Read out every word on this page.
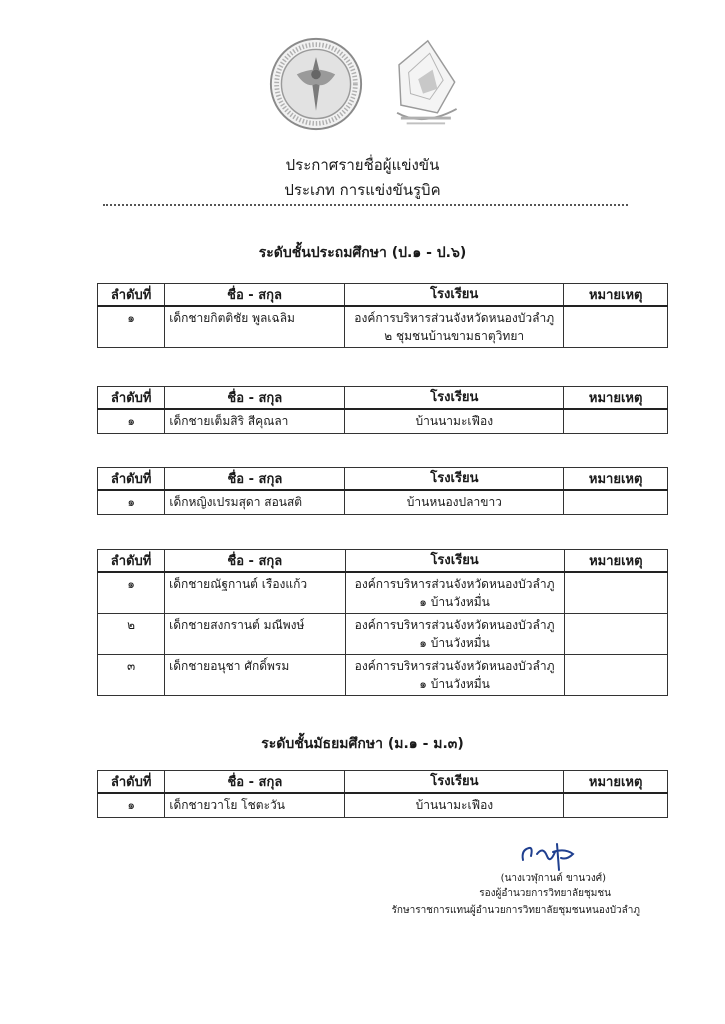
ประกาศรายชื่อผู้แข่งขัน
ประเภท การแข่งขันรูบิค
ระดับชั้นประถมศึกษา (ป.๑ - ป.๖)
ลำดับที่	ชื่อ - สกุล	โรงเรียน	หมายเหตุ
๑	เด็กชายกิตติชัย พูลเฉลิม	องค์การบริหารส่วนจังหวัดหนองบัวลำภู ๒ ชุมชนบ้านขามธาตุวิทยา	
ลำดับที่	ชื่อ - สกุล	โรงเรียน	หมายเหตุ
๑	เด็กชายเต็มสิริ สีคุณลา	บ้านนามะเฟือง	
ลำดับที่	ชื่อ - สกุล	โรงเรียน	หมายเหตุ
๑	เด็กหญิงเปรมสุดา สอนสติ	บ้านหนองปลาขาว	
ลำดับที่	ชื่อ - สกุล	โรงเรียน	หมายเหตุ
๑	เด็กชายณัฐกานต์ เรืองแก้ว	องค์การบริหารส่วนจังหวัดหนองบัวลำภู ๑ บ้านวังหมื่น	
๒	เด็กชายสงกรานต์ มณีพงษ์	องค์การบริหารส่วนจังหวัดหนองบัวลำภู ๑ บ้านวังหมื่น	
๓	เด็กชายอนุชา ศักดิ์พรม	องค์การบริหารส่วนจังหวัดหนองบัวลำภู ๑ บ้านวังหมื่น	
ระดับชั้นมัธยมศึกษา (ม.๑ - ม.๓)
ลำดับที่	ชื่อ - สกุล	โรงเรียน	หมายเหตุ
๑	เด็กชายวาโย โชตะวัน	บ้านนามะเฟือง	
(นางเวฬุกานต์ ขานวงศ์)
รองผู้อำนวยการวิทยาลัยชุมชน
รักษาราชการแทนผู้อำนวยการวิทยาลัยชุมชนหนองบัวลำภู
